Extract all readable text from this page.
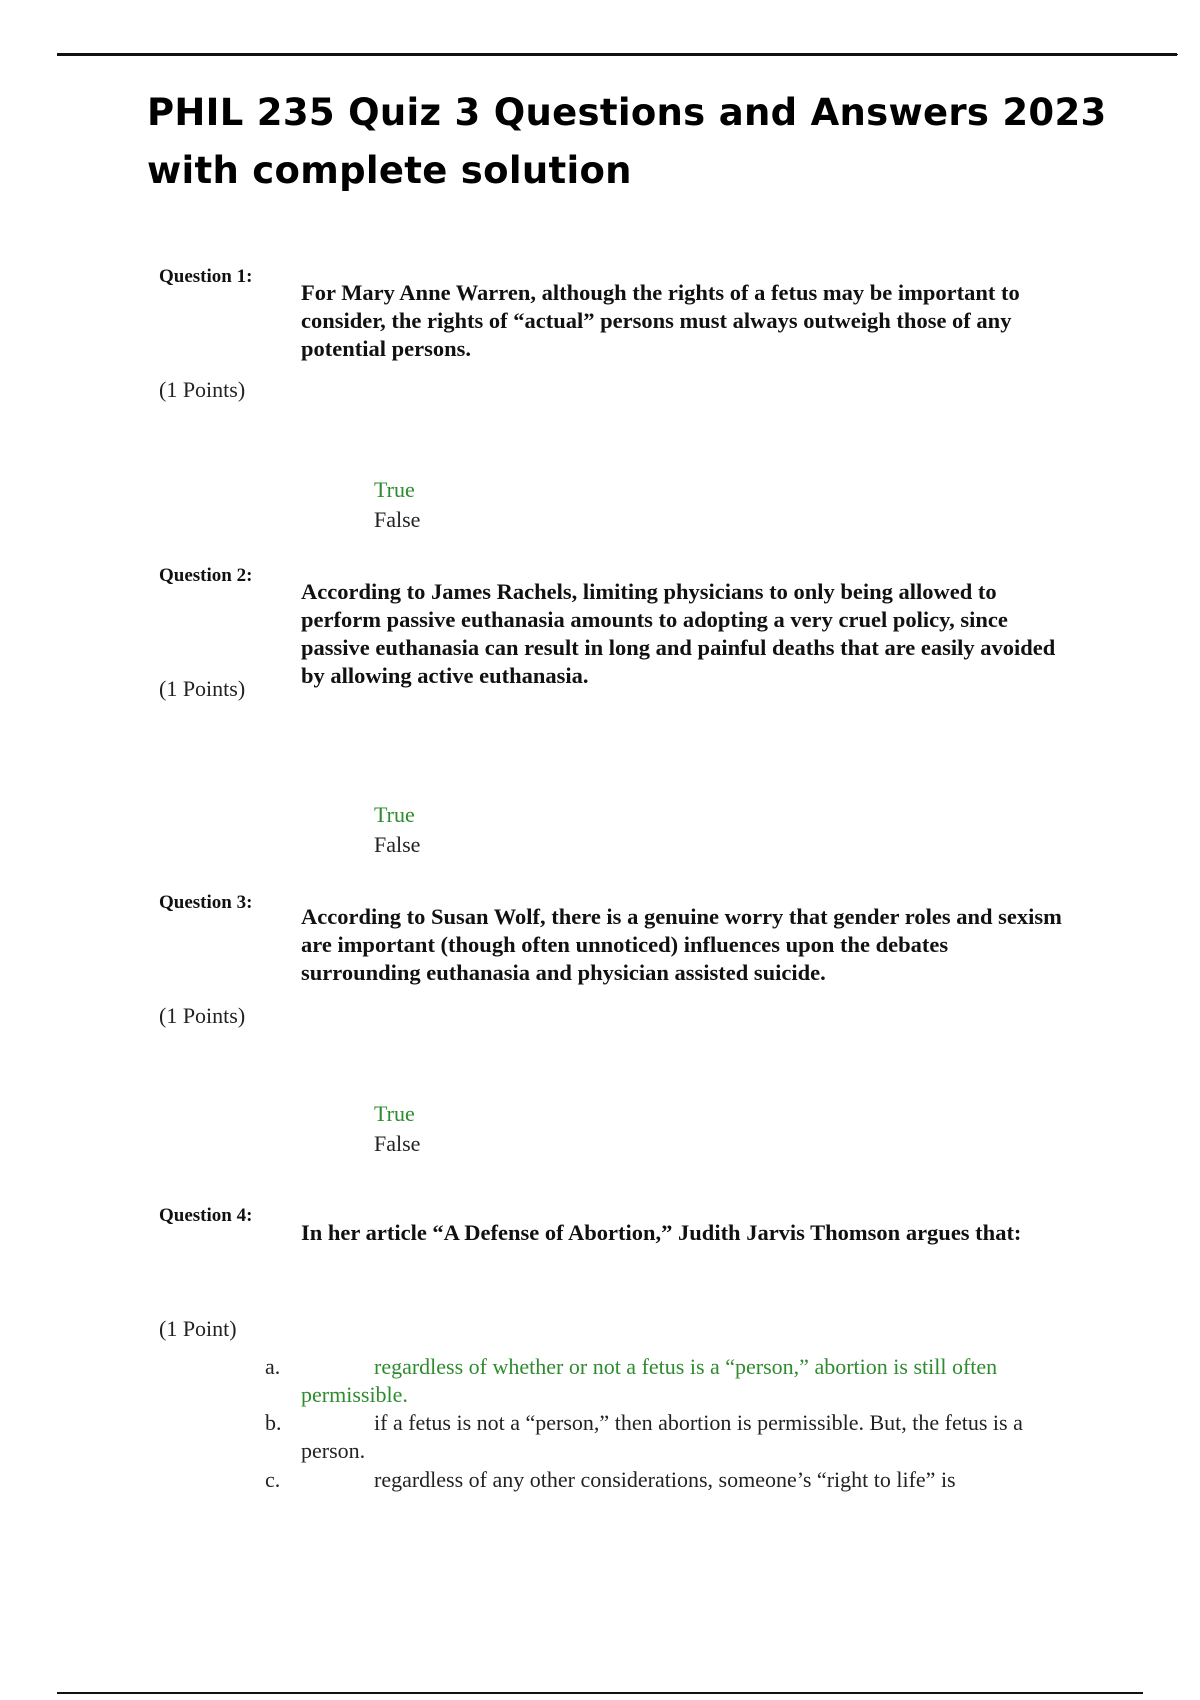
PHIL 235 Quiz 3 Questions and Answers 2023 with complete solution
Question 1:
For Mary Anne Warren, although the rights of a fetus may be important to consider, the rights of “actual” persons must always outweigh those of any potential persons.
(1 Points)
True
False
Question 2:
According to James Rachels, limiting physicians to only being allowed to perform passive euthanasia amounts to adopting a very cruel policy, since passive euthanasia can result in long and painful deaths that are easily avoided by allowing active euthanasia.
(1 Points)
True
False
Question 3:
According to Susan Wolf, there is a genuine worry that gender roles and sexism are important (though often unnoticed) influences upon the debates surrounding euthanasia and physician assisted suicide.
(1 Points)
True
False
Question 4:
In her article “A Defense of Abortion,” Judith Jarvis Thomson argues that:
(1 Point)
a.	regardless of whether or not a fetus is a “person,” abortion is still often permissible.
b.	if a fetus is not a “person,” then abortion is permissible. But, the fetus is a person.
c.	regardless of any other considerations, someone’s “right to life” is
